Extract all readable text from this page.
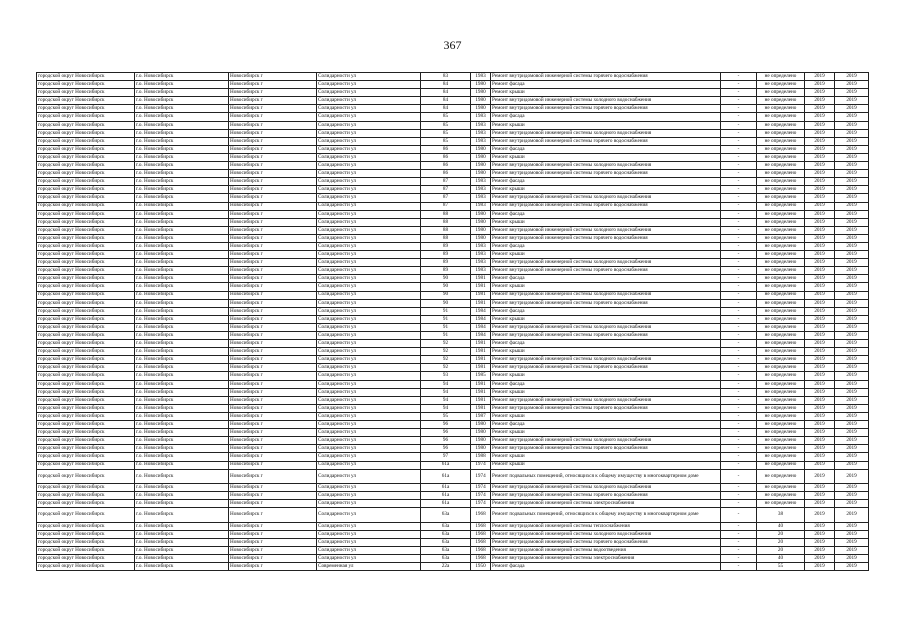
367
городской округ Новосибирск	г.о. Новосибирск	Новосибирск г	Солидарности ул	83	1983	Ремонт внутридомовой инженерной системы горячего водоснабжения	-	не определено	2019	2019
городской округ Новосибирск	г.о. Новосибирск	Новосибирск г	Солидарности ул	84	1980	Ремонт фасада	-	не определено	2019	2019
городской округ Новосибирск	г.о. Новосибирск	Новосибирск г	Солидарности ул	84	1980	Ремонт крыши	-	не определено	2019	2019
городской округ Новосибирск	г.о. Новосибирск	Новосибирск г	Солидарности ул	84	1980	Ремонт внутридомовой инженерной системы холодного водоснабжения	-	не определено	2019	2019
городской округ Новосибирск	г.о. Новосибирск	Новосибирск г	Солидарности ул	84	1980	Ремонт внутридомовой инженерной системы горячего водоснабжения	-	не определено	2019	2019
городской округ Новосибирск	г.о. Новосибирск	Новосибирск г	Солидарности ул	85	1983	Ремонт фасада	-	не определено	2019	2019
городской округ Новосибирск	г.о. Новосибирск	Новосибирск г	Солидарности ул	85	1983	Ремонт крыши	-	не определено	2019	2019
городской округ Новосибирск	г.о. Новосибирск	Новосибирск г	Солидарности ул	85	1983	Ремонт внутридомовой инженерной системы холодного водоснабжения	-	не определено	2019	2019
городской округ Новосибирск	г.о. Новосибирск	Новосибирск г	Солидарности ул	85	1983	Ремонт внутридомовой инженерной системы горячего водоснабжения	-	не определено	2019	2019
городской округ Новосибирск	г.о. Новосибирск	Новосибирск г	Солидарности ул	86	1980	Ремонт фасада	-	не определено	2019	2019
городской округ Новосибирск	г.о. Новосибирск	Новосибирск г	Солидарности ул	86	1980	Ремонт крыши	-	не определено	2019	2019
городской округ Новосибирск	г.о. Новосибирск	Новосибирск г	Солидарности ул	86	1980	Ремонт внутридомовой инженерной системы холодного водоснабжения	-	не определено	2019	2019
городской округ Новосибирск	г.о. Новосибирск	Новосибирск г	Солидарности ул	86	1980	Ремонт внутридомовой инженерной системы горячего водоснабжения	-	не определено	2019	2019
городской округ Новосибирск	г.о. Новосибирск	Новосибирск г	Солидарности ул	87	1983	Ремонт фасада	-	не определено	2019	2019
городской округ Новосибирск	г.о. Новосибирск	Новосибирск г	Солидарности ул	87	1983	Ремонт крыши	-	не определено	2019	2019
городской округ Новосибирск	г.о. Новосибирск	Новосибирск г	Солидарности ул	87	1983	Ремонт внутридомовой инженерной системы холодного водоснабжения	-	не определено	2019	2019
городской округ Новосибирск	г.о. Новосибирск	Новосибирск г	Солидарности ул	87	1983	Ремонт внутридомовой инженерной системы горячего водоснабжения	-	не определено	2019	2019
городской округ Новосибирск	г.о. Новосибирск	Новосибирск г	Солидарности ул	88	1980	Ремонт фасада	-	не определено	2019	2019
городской округ Новосибирск	г.о. Новосибирск	Новосибирск г	Солидарности ул	88	1980	Ремонт крыши	-	не определено	2019	2019
городской округ Новосибирск	г.о. Новосибирск	Новосибирск г	Солидарности ул	88	1980	Ремонт внутридомовой инженерной системы холодного водоснабжения	-	не определено	2019	2019
городской округ Новосибирск	г.о. Новосибирск	Новосибирск г	Солидарности ул	88	1980	Ремонт внутридомовой инженерной системы горячего водоснабжения	-	не определено	2019	2019
городской округ Новосибирск	г.о. Новосибирск	Новосибирск г	Солидарности ул	89	1983	Ремонт фасада	-	не определено	2019	2019
городской округ Новосибирск	г.о. Новосибирск	Новосибирск г	Солидарности ул	89	1983	Ремонт крыши	-	не определено	2019	2019
городской округ Новосибирск	г.о. Новосибирск	Новосибирск г	Солидарности ул	89	1983	Ремонт внутридомовой инженерной системы холодного водоснабжения	-	не определено	2019	2019
городской округ Новосибирск	г.о. Новосибирск	Новосибирск г	Солидарности ул	89	1983	Ремонт внутридомовой инженерной системы горячего водоснабжения	-	не определено	2019	2019
городской округ Новосибирск	г.о. Новосибирск	Новосибирск г	Солидарности ул	90	1981	Ремонт фасада	-	не определено	2019	2019
городской округ Новосибирск	г.о. Новосибирск	Новосибирск г	Солидарности ул	90	1981	Ремонт крыши	-	не определено	2019	2019
городской округ Новосибирск	г.о. Новосибирск	Новосибирск г	Солидарности ул	90	1981	Ремонт внутридомовой инженерной системы холодного водоснабжения	-	не определено	2019	2019
городской округ Новосибирск	г.о. Новосибирск	Новосибирск г	Солидарности ул	90	1981	Ремонт внутридомовой инженерной системы горячего водоснабжения	-	не определено	2019	2019
городской округ Новосибирск	г.о. Новосибирск	Новосибирск г	Солидарности ул	91	1984	Ремонт фасада	-	не определено	2019	2019
городской округ Новосибирск	г.о. Новосибирск	Новосибирск г	Солидарности ул	91	1984	Ремонт крыши	-	не определено	2019	2019
городской округ Новосибирск	г.о. Новосибирск	Новосибирск г	Солидарности ул	91	1984	Ремонт внутридомовой инженерной системы холодного водоснабжения	-	не определено	2019	2019
городской округ Новосибирск	г.о. Новосибирск	Новосибирск г	Солидарности ул	91	1984	Ремонт внутридомовой инженерной системы горячего водоснабжения	-	не определено	2019	2019
городской округ Новосибирск	г.о. Новосибирск	Новосибирск г	Солидарности ул	92	1981	Ремонт фасада	-	не определено	2019	2019
городской округ Новосибирск	г.о. Новосибирск	Новосибирск г	Солидарности ул	92	1981	Ремонт крыши	-	не определено	2019	2019
городской округ Новосибирск	г.о. Новосибирск	Новосибирск г	Солидарности ул	92	1981	Ремонт внутридомовой инженерной системы холодного водоснабжения	-	не определено	2019	2019
городской округ Новосибирск	г.о. Новосибирск	Новосибирск г	Солидарности ул	92	1981	Ремонт внутридомовой инженерной системы горячего водоснабжения	-	не определено	2019	2019
городской округ Новосибирск	г.о. Новосибирск	Новосибирск г	Солидарности ул	93	1985	Ремонт крыши	-	не определено	2019	2019
городской округ Новосибирск	г.о. Новосибирск	Новосибирск г	Солидарности ул	94	1981	Ремонт фасада	-	не определено	2019	2019
городской округ Новосибирск	г.о. Новосибирск	Новосибирск г	Солидарности ул	94	1981	Ремонт крыши	-	не определено	2019	2019
городской округ Новосибирск	г.о. Новосибирск	Новосибирск г	Солидарности ул	94	1981	Ремонт внутридомовой инженерной системы холодного водоснабжения	-	не определено	2019	2019
городской округ Новосибирск	г.о. Новосибирск	Новосибирск г	Солидарности ул	94	1981	Ремонт внутридомовой инженерной системы горячего водоснабжения	-	не определено	2019	2019
городской округ Новосибирск	г.о. Новосибирск	Новосибирск г	Солидарности ул	95	1987	Ремонт крыши	-	не определено	2019	2019
городской округ Новосибирск	г.о. Новосибирск	Новосибирск г	Солидарности ул	96	1980	Ремонт фасада	-	не определено	2019	2019
городской округ Новосибирск	г.о. Новосибирск	Новосибирск г	Солидарности ул	96	1980	Ремонт крыши	-	не определено	2019	2019
городской округ Новосибирск	г.о. Новосибирск	Новосибирск г	Солидарности ул	96	1980	Ремонт внутридомовой инженерной системы холодного водоснабжения	-	не определено	2019	2019
городской округ Новосибирск	г.о. Новосибирск	Новосибирск г	Солидарности ул	96	1980	Ремонт внутридомовой инженерной системы горячего водоснабжения	-	не определено	2019	2019
городской округ Новосибирск	г.о. Новосибирск	Новосибирск г	Солидарности ул	97	1988	Ремонт крыши	-	не определено	2019	2019
городской округ Новосибирск	г.о. Новосибирск	Новосибирск г	Солидарности ул	61а	1974	Ремонт крыши	-	не определено	2019	2019
городской округ Новосибирск	г.о. Новосибирск	Новосибирск г	Солидарности ул	61а	1974	Ремонт подвальных помещений, относящихся к общему имуществу в многоквартирном доме	-	не определено	2019	2019
городской округ Новосибирск	г.о. Новосибирск	Новосибирск г	Солидарности ул	61а	1974	Ремонт внутридомовой инженерной системы холодного водоснабжения	-	не определено	2019	2019
городской округ Новосибирск	г.о. Новосибирск	Новосибирск г	Солидарности ул	61а	1974	Ремонт внутридомовой инженерной системы горячего водоснабжения	-	не определено	2019	2019
городской округ Новосибирск	г.о. Новосибирск	Новосибирск г	Солидарности ул	61а	1974	Ремонт внутридомовой инженерной системы электроснабжения	-	не определено	2019	2019
городской округ Новосибирск	г.о. Новосибирск	Новосибирск г	Солидарности ул	63а	1968	Ремонт подвальных помещений, относящихся к общему имуществу в многоквартирном доме	-	38	2019	2019
городской округ Новосибирск	г.о. Новосибирск	Новосибирск г	Солидарности ул	63а	1968	Ремонт внутридомовой инженерной системы теплоснабжения	-	40	2019	2019
городской округ Новосибирск	г.о. Новосибирск	Новосибирск г	Солидарности ул	63а	1968	Ремонт внутридомовой инженерной системы холодного водоснабжения	-	20	2019	2019
городской округ Новосибирск	г.о. Новосибирск	Новосибирск г	Солидарности ул	63а	1968	Ремонт внутридомовой инженерной системы горячего водоснабжения	-	20	2019	2019
городской округ Новосибирск	г.о. Новосибирск	Новосибирск г	Солидарности ул	63а	1968	Ремонт внутридомовой инженерной системы водоотведения	-	20	2019	2019
городской округ Новосибирск	г.о. Новосибирск	Новосибирск г	Солидарности ул	63а	1968	Ремонт внутридомовой инженерной системы электроснабжения	-	40	2019	2019
городской округ Новосибирск	г.о. Новосибирск	Новосибирск г	Современная ул	22а	1950	Ремонт фасада	-	55	2019	2019
